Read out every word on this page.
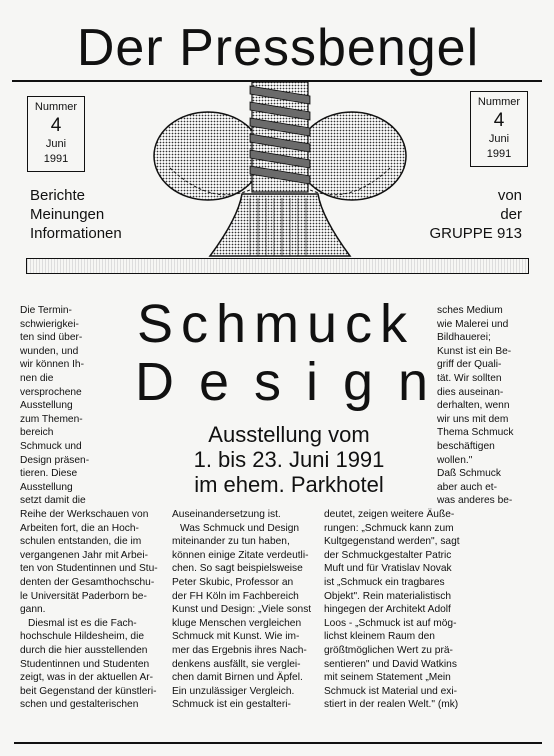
Der Pressbengel
Nummer
4
Juni
1991
Nummer
4
Juni
1991
Berichte
Meinungen
Informationen
von
der
GRUPPE 913
Schmuck
Design
Ausstellung vom
1. bis 23. Juni 1991
im ehem. Parkhotel

Die Termin-

schwierigkei-

ten sind über-

wunden, und

wir können Ih-

nen die

versprochene

Ausstellung

zum Themen-

bereich

Schmuck und

Design präsen-

tieren. Diese

Ausstellung

setzt damit die

sches Medium

wie Malerei und

Bildhauerei;

Kunst ist ein Be-

griff der Quali-

tät. Wir sollten

dies auseinan-

derhalten, wenn

wir uns mit dem

Thema Schmuck

beschäftigen

wollen."

Daß Schmuck

aber auch et-

was anderes be-

Reihe der Werkschauen von

Arbeiten fort, die an Hoch-

schulen entstanden, die im

vergangenen Jahr mit Arbei-

ten von Studentinnen und Stu-

denten der Gesamthochschu-

le Universität Paderborn be-

gann.

Diesmal ist es die Fach-

hochschule Hildesheim, die

durch die hier ausstellenden

Studentinnen und Studenten

zeigt, was in der aktuellen Ar-

beit Gegenstand der künstleri-

schen und gestalterischen

Auseinandersetzung ist.

Was Schmuck und Design

miteinander zu tun haben,

können einige Zitate verdeutli-

chen. So sagt beispielsweise

Peter Skubic, Professor an

der FH Köln im Fachbereich

Kunst und Design: „Viele sonst

kluge Menschen vergleichen

Schmuck mit Kunst. Wie im-

mer das Ergebnis ihres Nach-

denkens ausfällt, sie verglei-

chen damit Birnen und Äpfel.

Ein unzulässiger Vergleich.

Schmuck ist ein gestalteri-

deutet, zeigen weitere Äuße-

rungen: „Schmuck kann zum

Kultgegenstand werden", sagt

der Schmuckgestalter Patric

Muft und für Vratislav Novak

ist „Schmuck ein tragbares

Objekt". Rein materialistisch

hingegen der Architekt Adolf

Loos - „Schmuck ist auf mög-

lichst kleinem Raum den

größtmöglichen Wert zu prä-

sentieren" und David Watkins

mit seinem Statement „Mein

Schmuck ist Material und exi-

stiert in der realen Welt." (mk)
